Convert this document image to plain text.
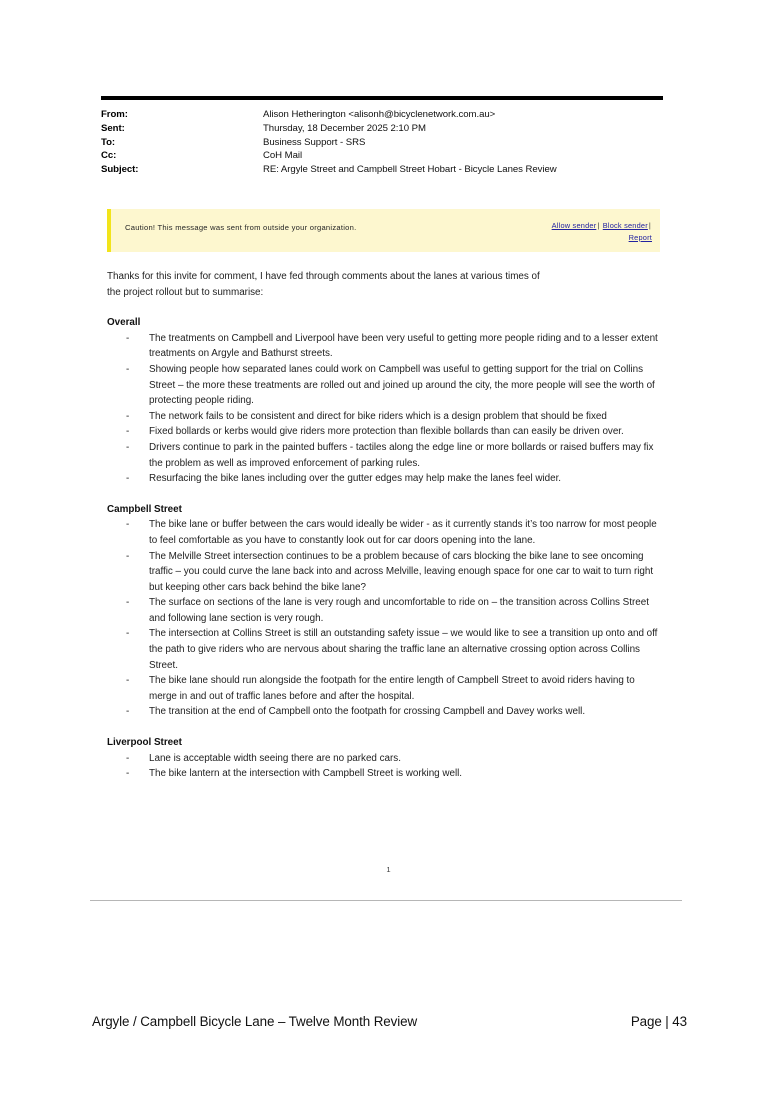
From:	Alison Hetherington <alisonh@bicyclenetwork.com.au>
Sent:	Thursday, 18 December 2025 2:10 PM
To:	Business Support - SRS
Cc:	CoH Mail
Subject:	RE: Argyle Street and Campbell Street Hobart - Bicycle Lanes Review
Caution! This message was sent from outside your organization.	Allow sender| Block sender|
Report

Thanks for this invite for comment, I have fed through comments about the lanes at various times of
the project rollout but to summarise:

Overall
- The treatments on Campbell and Liverpool have been very useful to getting more people riding and to a lesser extent treatments on Argyle and Bathurst streets.
- Showing people how separated lanes could work on Campbell was useful to getting support for the trial on Collins Street – the more these treatments are rolled out and joined up around the city, the more people will see the worth of protecting people riding.
- The network fails to be consistent and direct for bike riders which is a design problem that should be fixed
- Fixed bollards or kerbs would give riders more protection than flexible bollards than can easily be driven over.
- Drivers continue to park in the painted buffers - tactiles along the edge line or more bollards or raised buffers may fix the problem as well as improved enforcement of parking rules.
- Resurfacing the bike lanes including over the gutter edges may help make the lanes feel wider.
Campbell Street
- The bike lane or buffer between the cars would ideally be wider - as it currently stands it’s too narrow for most people to feel comfortable as you have to constantly look out for car doors opening into the lane.
- The Melville Street intersection continues to be a problem because of cars blocking the bike lane to see oncoming traffic – you could curve the lane back into and across Melville, leaving enough space for one car to wait to turn right but keeping other cars back behind the bike lane?
- The surface on sections of the lane is very rough and uncomfortable to ride on – the transition across Collins Street and following lane section is very rough.
- The intersection at Collins Street is still an outstanding safety issue – we would like to see a transition up onto and off the path to give riders who are nervous about sharing the traffic lane an alternative crossing option across Collins Street.
- The bike lane should run alongside the footpath for the entire length of Campbell Street to avoid riders having to merge in and out of traffic lanes before and after the hospital.
- The transition at the end of Campbell onto the footpath for crossing Campbell and Davey works well.
Liverpool Street
- Lane is acceptable width seeing there are no parked cars.
- The bike lantern at the intersection with Campbell Street is working well.
1
Argyle / Campbell Bicycle Lane – Twelve Month Review	Page | 43
